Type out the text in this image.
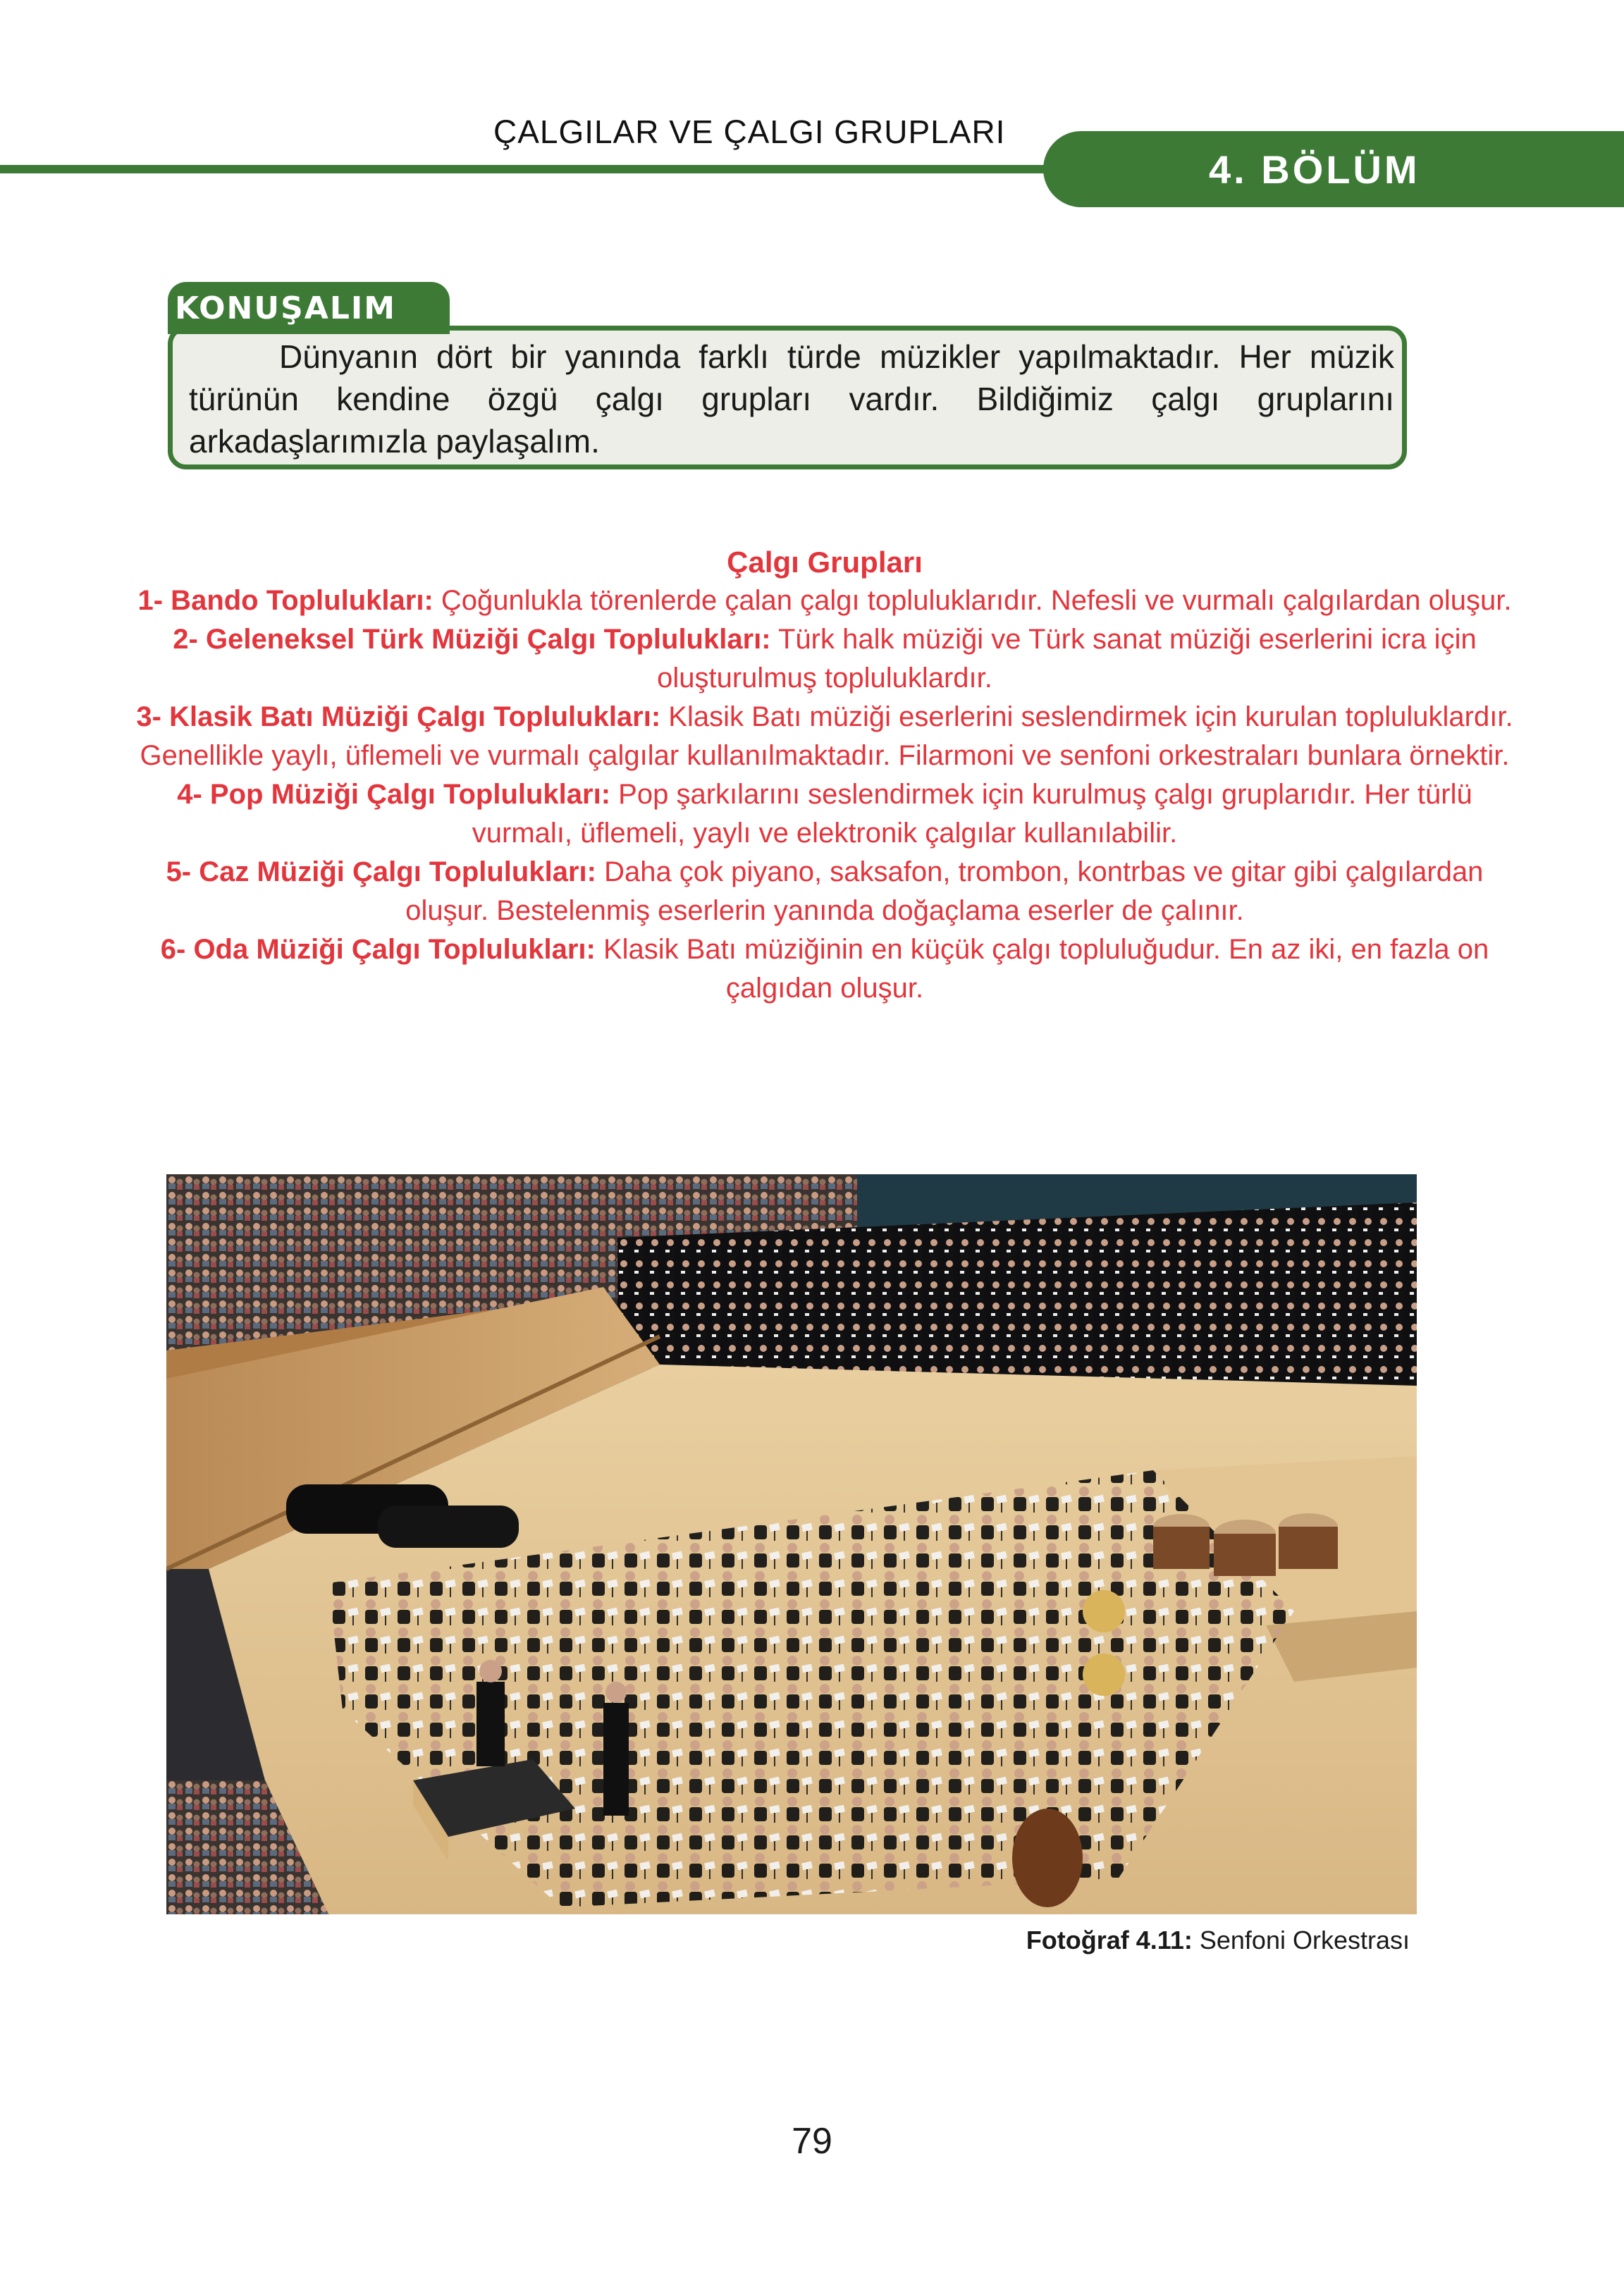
ÇALGILAR VE ÇALGI GRUPLARI
4. BÖLÜM
KONUŞALIM
Dünyanın dört bir yanında farklı türde müzikler yapılmaktadır. Her müzik türünün kendine özgü çalgı grupları vardır. Bildiğimiz çalgı gruplarını arkadaşlarımızla paylaşalım.
Çalgı Grupları

1- Bando Toplulukları: Çoğunlukla törenlerde çalan çalgı topluluklarıdır. Nefesli ve vurmalı çalgılardan oluşur.

2- Geleneksel Türk Müziği Çalgı Toplulukları: Türk halk müziği ve Türk sanat müziği eserlerini icra için oluşturulmuş topluluklardır.

3- Klasik Batı Müziği Çalgı Toplulukları: Klasik Batı müziği eserlerini seslendirmek için kurulan topluluklardır. Genellikle yaylı, üflemeli ve vurmalı çalgılar kullanılmaktadır. Filarmoni ve senfoni orkestraları bunlara örnektir.

4- Pop Müziği Çalgı Toplulukları: Pop şarkılarını seslendirmek için kurulmuş çalgı gruplarıdır. Her türlü vurmalı, üflemeli, yaylı ve elektronik çalgılar kullanılabilir.

5- Caz Müziği Çalgı Toplulukları: Daha çok piyano, saksafon, trombon, kontrbas ve gitar gibi çalgılardan oluşur. Bestelenmiş eserlerin yanında doğaçlama eserler de çalınır.

6- Oda Müziği Çalgı Toplulukları: Klasik Batı müziğinin en küçük çalgı topluluğudur. En az iki, en fazla on çalgıdan oluşur.

Fotoğraf 4.11: Senfoni Orkestrası
79
